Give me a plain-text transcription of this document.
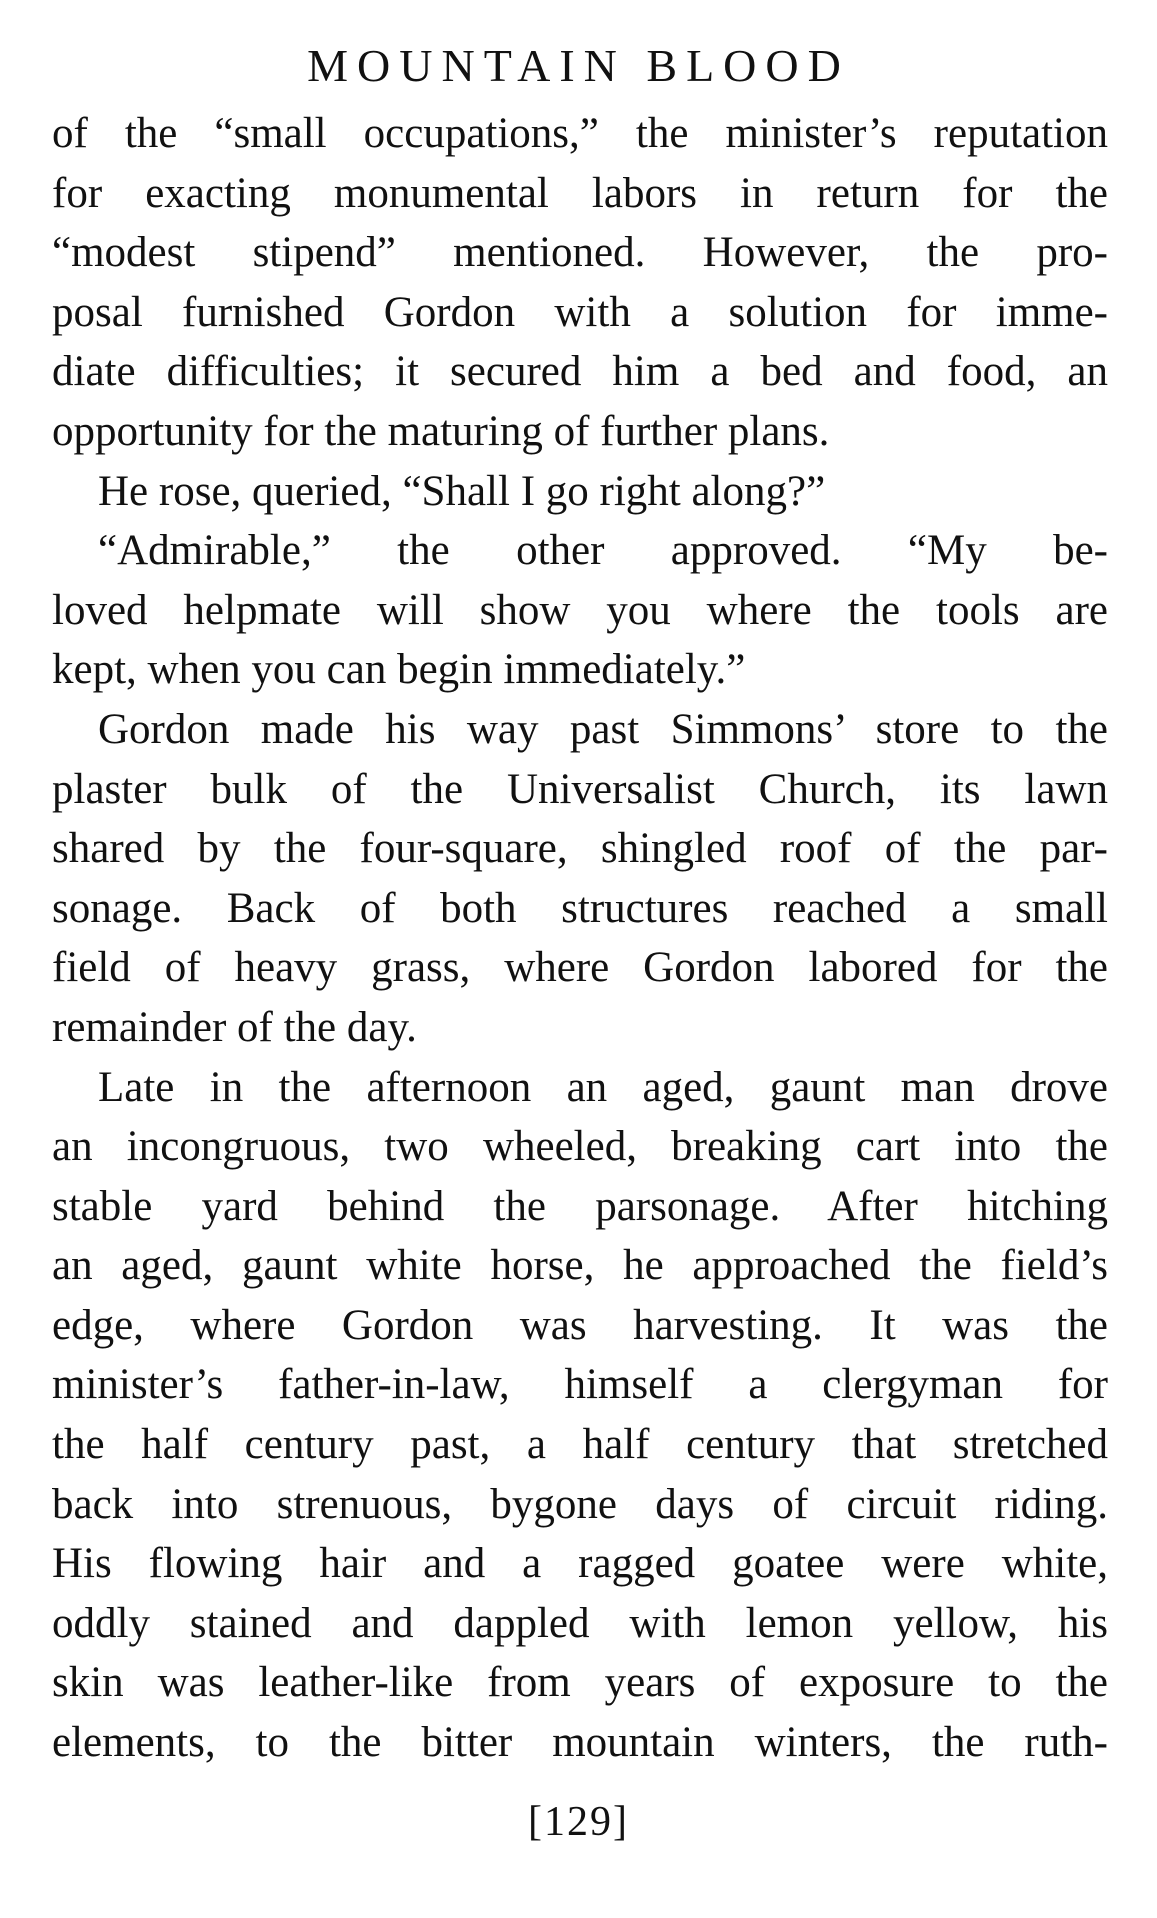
MOUNTAIN BLOOD

of the “small occupations,” the minister’s reputation
for exacting monumental labors in return for the
“modest stipend” mentioned. However, the pro-
posal furnished Gordon with a solution for imme-
diate difficulties; it secured him a bed and food, an
opportunity for the maturing of further plans.

He rose, queried, “Shall I go right along?”

“Admirable,” the other approved. “My be-
loved helpmate will show you where the tools are
kept, when you can begin immediately.”

Gordon made his way past Simmons’ store to the
plaster bulk of the Universalist Church, its lawn
shared by the four-square, shingled roof of the par-
sonage. Back of both structures reached a small
field of heavy grass, where Gordon labored for the
remainder of the day.

Late in the afternoon an aged, gaunt man drove
an incongruous, two wheeled, breaking cart into the
stable yard behind the parsonage. After hitching
an aged, gaunt white horse, he approached the field’s
edge, where Gordon was harvesting. It was the
minister’s father-in-law, himself a clergyman for
the half century past, a half century that stretched
back into strenuous, bygone days of circuit riding.
His flowing hair and a ragged goatee were white,
oddly stained and dappled with lemon yellow, his
skin was leather-like from years of exposure to the
elements, to the bitter mountain winters, the ruth-

[129]
